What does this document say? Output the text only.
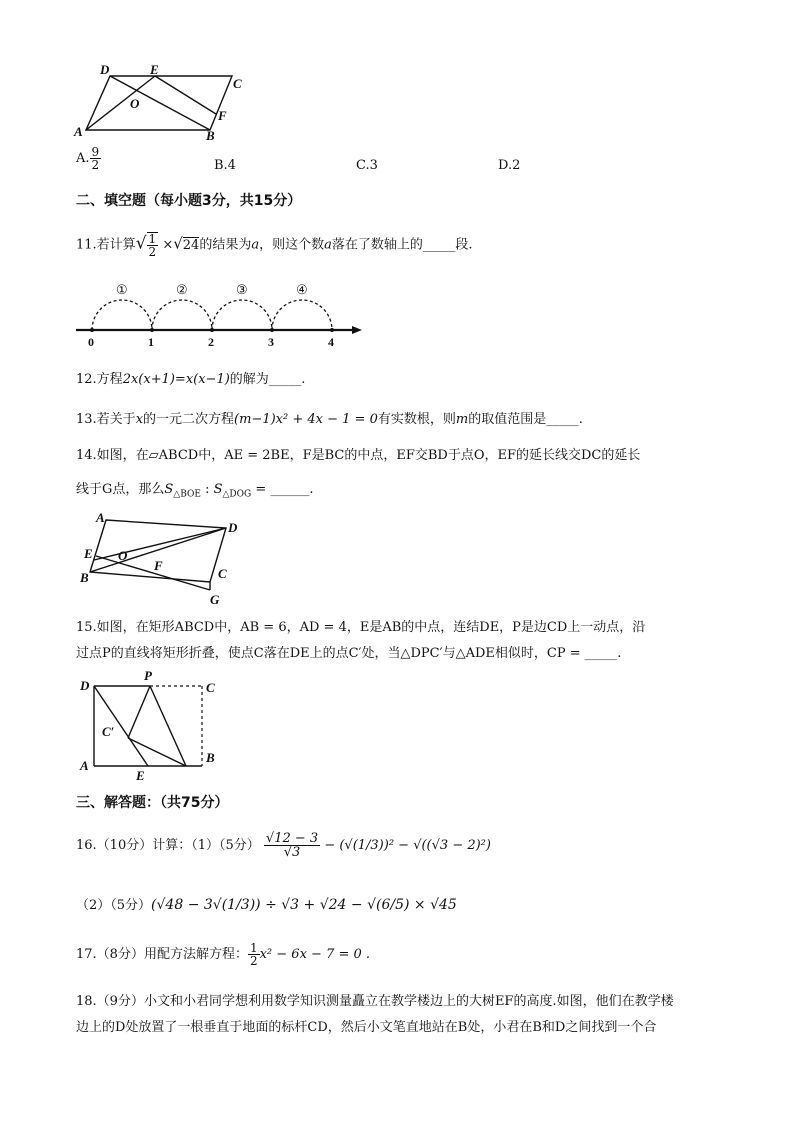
D	E
C
O
A	B
F
A. $\frac{9}{2}$	B.4	C.3	D.2
二、填空题（每小题3分，共15分）
11.若计算√ $\frac{1}{2} \times√24$的结果为a，则这个数a落在了数轴上的_____段.
①	②	③	④
0	1	2	3	4
12.方程2x(x+1)=x(x−1)的解为_____.
13.若关于x的一元二次方程(m−1)x² + 4x − 1 = 0有实数根，则m的取值范围是_____.
14.如图，在▱ABCD中，AE = 2BE，F是BC的中点，EF交BD于点O，EF的延长线交DC的延长
线于G点，那么$S_{\triangle BOE}$ : $S_{\triangle DOG}$ = ______.
A
D
E O
F
B	C
G
15.如图，在矩形ABCD中，AB = 6，AD = 4，E是AB的中点，连结DE，P是边CD上一动点，沿
过点P的直线将矩形折叠，使点C落在DE上的点C′处，当△DPC′与△ADE相似时，CP = _____.
D
P
C
C′
A
E
B
三、解答题：（共75分）
16.（10分）计算：（1）（5分） $\frac{√12 - 3}{√3} - (√(1/3))^2 - √((√3 - 2)^2)$
（2）（5分）(√48 − 3√(1/3)) ÷ √3 + √24 − √(6/5) × √45
17.（8分）用配方法解方程： $\frac{1}{2} x^2 - 6x - 7 = 0$ .
18.（9分）小文和小君同学想利用数学知识测量矗立在教学楼边上的大树EF的高度.如图，他们在教学楼
边上的D处放置了一根垂直于地面的标杆CD，然后小文笔直地站在B处，小君在B和D之间找到一个合
